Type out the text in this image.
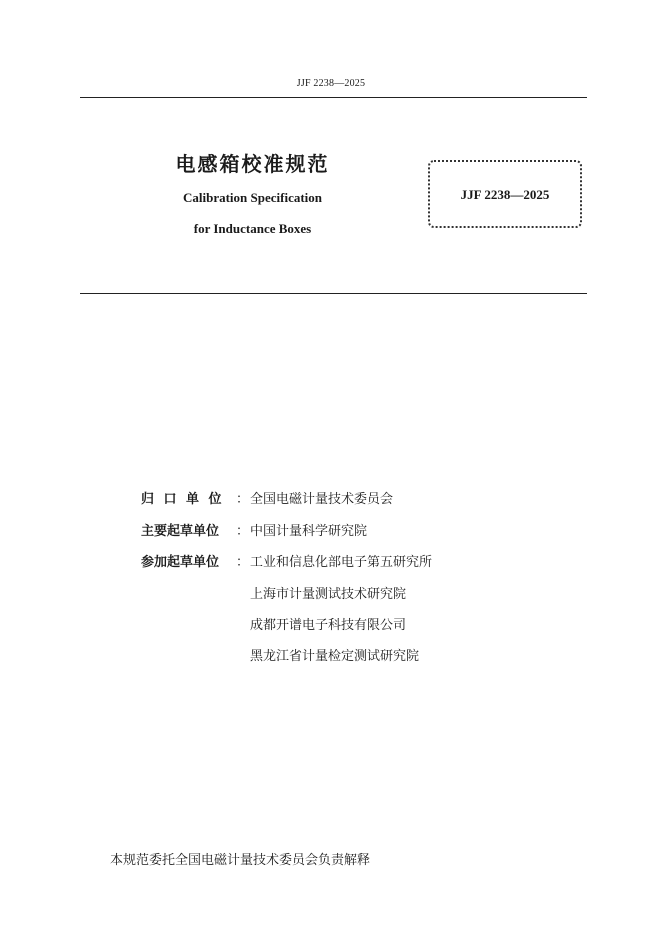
JJF 2238—2025
电感箱校准规范
Calibration Specification
for Inductance Boxes
JJF 2238—2025
归口单位 ： 全国电磁计量技术委员会
主要起草单位 ： 中国计量科学研究院
参加起草单位 ： 工业和信息化部电子第五研究所
上海市计量测试技术研究院
成都开谱电子科技有限公司
黑龙江省计量检定测试研究院
本规范委托全国电磁计量技术委员会负责解释
